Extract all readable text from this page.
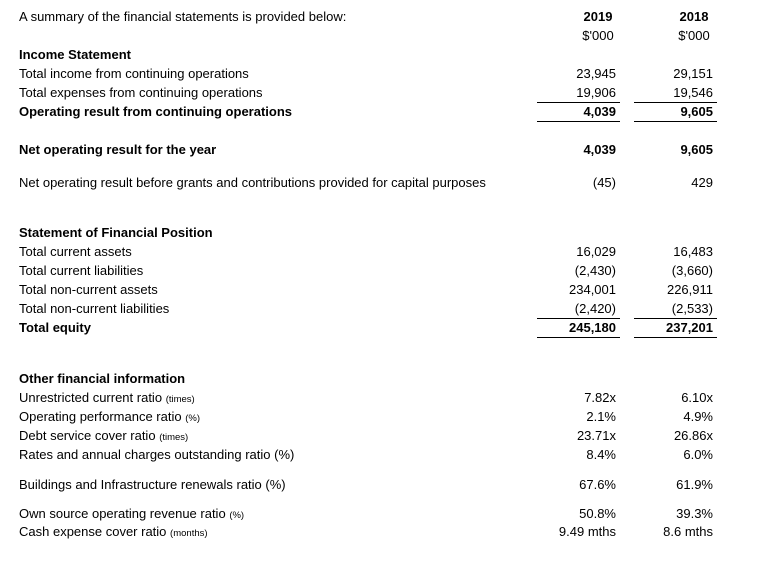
A summary of the financial statements is provided below:	2019	2018
$'000	$'000
Income Statement
Total income from continuing operations	23,945	29,151
Total expenses from continuing operations	19,906	19,546
Operating result from continuing operations	4,039	9,605
Net operating result for the year	4,039	9,605
Net operating result before grants and contributions provided for capital purposes	(45)	429
Statement of Financial Position
Total current assets	16,029	16,483
Total current liabilities	(2,430)	(3,660)
Total non-current assets	234,001	226,911
Total non-current liabilities	(2,420)	(2,533)
Total equity	245,180	237,201
Other financial information
Unrestricted current ratio (times)	7.82x	6.10x
Operating performance ratio (%)	2.1%	4.9%
Debt service cover ratio (times)	23.71x	26.86x
Rates and annual charges outstanding ratio (%)	8.4%	6.0%
Buildings and Infrastructure renewals ratio (%)	67.6%	61.9%
Own source operating revenue ratio (%)	50.8%	39.3%
Cash expense cover ratio (months)	9.49 mths	8.6 mths
